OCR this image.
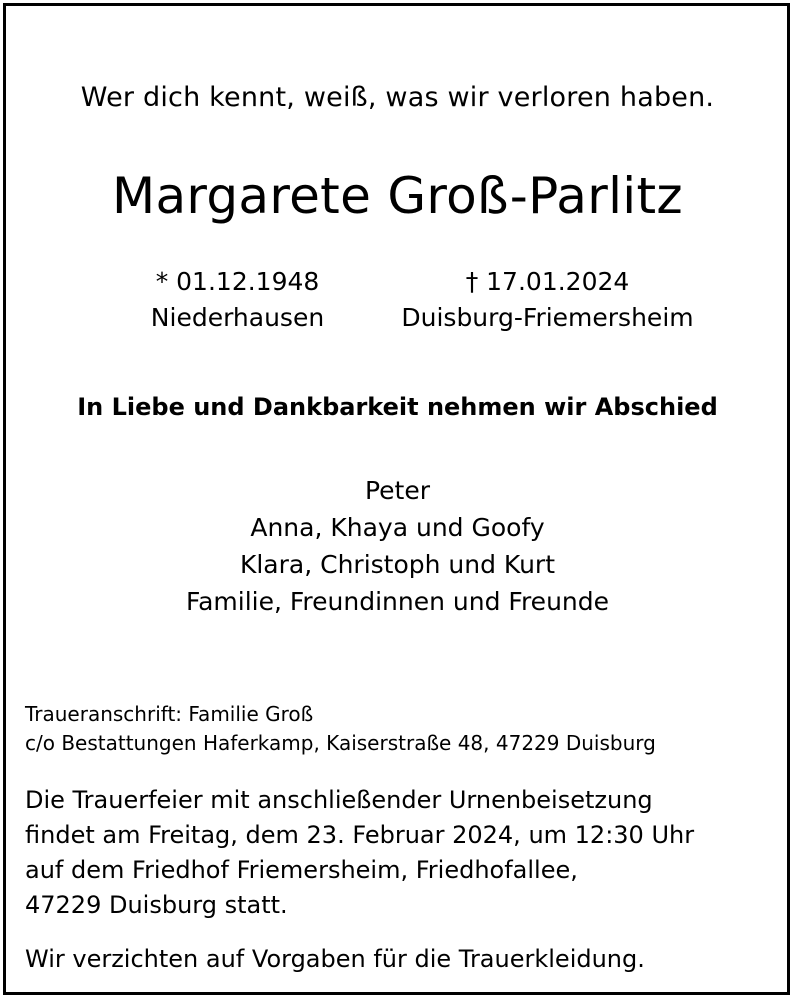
Wer dich kennt, weiß, was wir verloren haben.
Margarete Groß-Parlitz
* 01.12.1948
Niederhausen
† 17.01.2024
Duisburg-Friemersheim
In Liebe und Dankbarkeit nehmen wir Abschied
Peter
Anna, Khaya und Goofy
Klara, Christoph und Kurt
Familie, Freundinnen und Freunde
Traueranschrift: Familie Groß
c/o Bestattungen Haferkamp, Kaiserstraße 48, 47229 Duisburg
Die Trauerfeier mit anschließender Urnenbeisetzung
findet am Freitag, dem 23. Februar 2024, um 12:30 Uhr
auf dem Friedhof Friemersheim, Friedhofallee,
47229 Duisburg statt.
Wir verzichten auf Vorgaben für die Trauerkleidung.
